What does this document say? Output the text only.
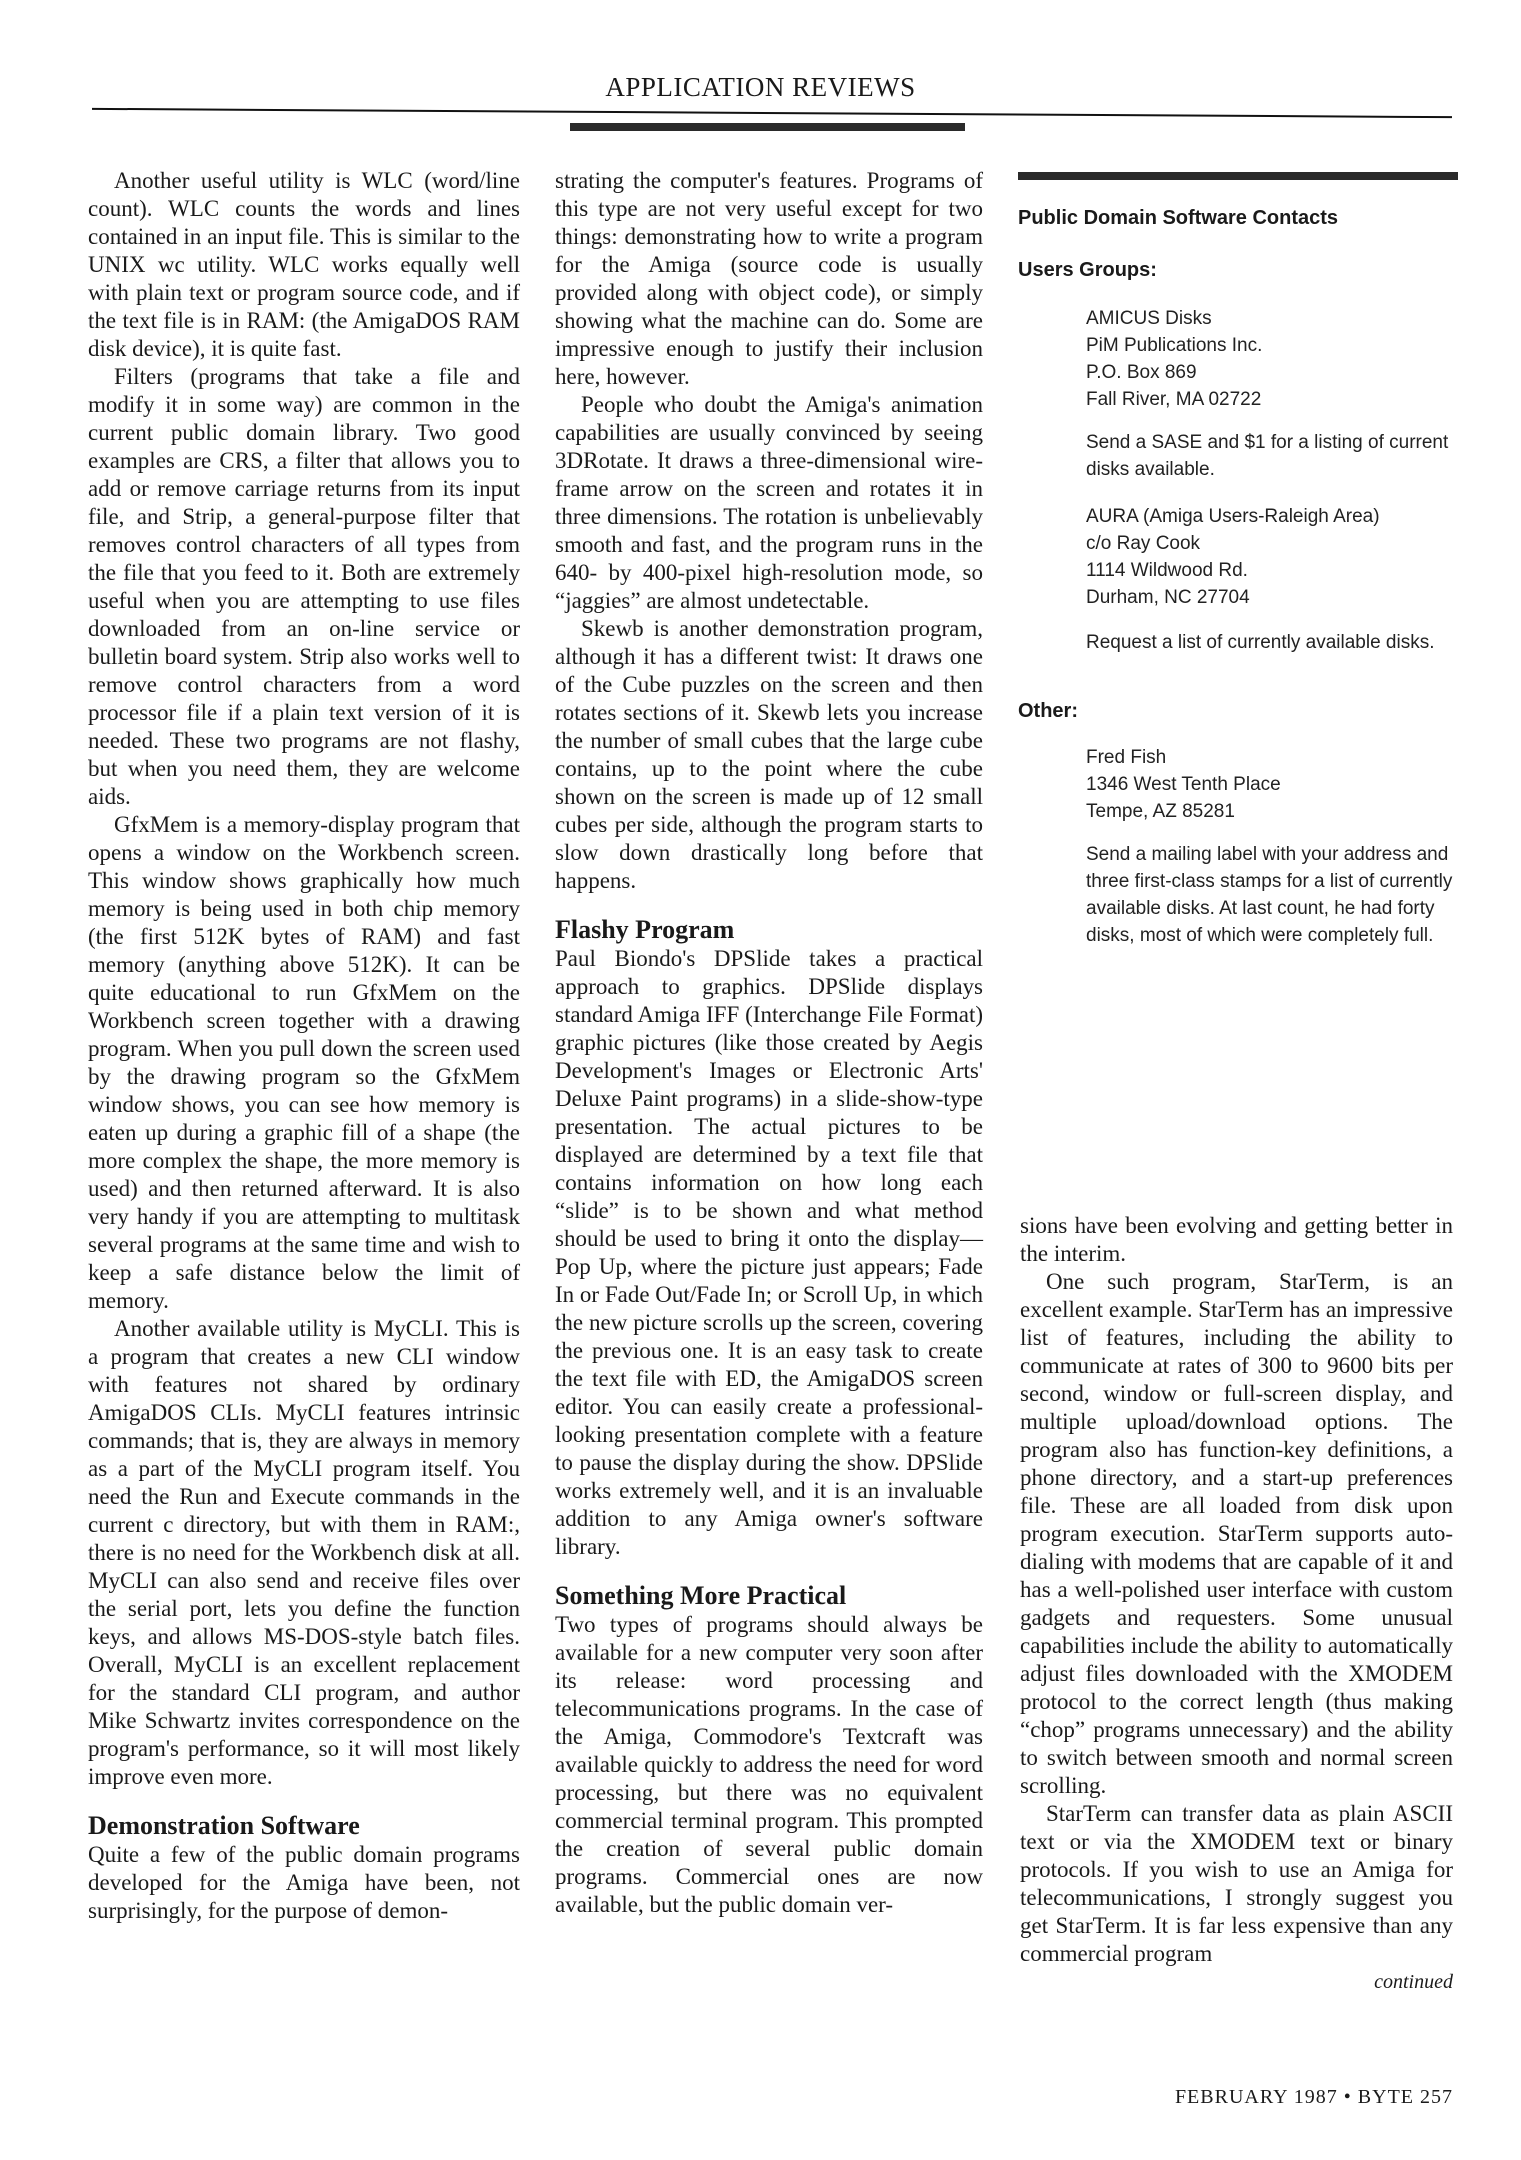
APPLICATION REVIEWS

Another useful utility is WLC (word/line count). WLC counts the words and lines contained in an input file. This is similar to the UNIX wc utility. WLC works equally well with plain text or program source code, and if the text file is in RAM: (the AmigaDOS RAM disk device), it is quite fast.

Filters (programs that take a file and modify it in some way) are common in the current public domain library. Two good examples are CRS, a filter that allows you to add or remove carriage returns from its input file, and Strip, a general-purpose filter that removes control characters of all types from the file that you feed to it. Both are extremely useful when you are attempting to use files downloaded from an on-line service or bulletin board system. Strip also works well to remove control characters from a word processor file if a plain text version of it is needed. These two programs are not flashy, but when you need them, they are welcome aids.

GfxMem is a memory-display program that opens a window on the Workbench screen. This window shows graphically how much memory is being used in both chip memory (the first 512K bytes of RAM) and fast memory (anything above 512K). It can be quite educational to run GfxMem on the Workbench screen together with a drawing program. When you pull down the screen used by the drawing program so the GfxMem window shows, you can see how memory is eaten up during a graphic fill of a shape (the more complex the shape, the more memory is used) and then returned afterward. It is also very handy if you are attempting to multitask several programs at the same time and wish to keep a safe distance below the limit of memory.

Another available utility is MyCLI. This is a program that creates a new CLI window with features not shared by ordinary AmigaDOS CLIs. MyCLI features intrinsic commands; that is, they are always in memory as a part of the MyCLI program itself. You need the Run and Execute commands in the current c directory, but with them in RAM:, there is no need for the Workbench disk at all. MyCLI can also send and receive files over the serial port, lets you define the function keys, and allows MS-DOS-style batch files. Overall, MyCLI is an excellent replacement for the standard CLI program, and author Mike Schwartz invites correspondence on the program's performance, so it will most likely improve even more.

Demonstration Software

Quite a few of the public domain programs developed for the Amiga have been, not surprisingly, for the purpose of demon-

strating the computer's features. Programs of this type are not very useful except for two things: demonstrating how to write a program for the Amiga (source code is usually provided along with object code), or simply showing what the machine can do. Some are impressive enough to justify their inclusion here, however.

People who doubt the Amiga's animation capabilities are usually convinced by seeing 3DRotate. It draws a three-dimensional wire-frame arrow on the screen and rotates it in three dimensions. The rotation is unbelievably smooth and fast, and the program runs in the 640- by 400-pixel high-resolution mode, so “jaggies” are almost undetectable.

Skewb is another demonstration program, although it has a different twist: It draws one of the Cube puzzles on the screen and then rotates sections of it. Skewb lets you increase the number of small cubes that the large cube contains, up to the point where the cube shown on the screen is made up of 12 small cubes per side, although the program starts to slow down drastically long before that happens.

Flashy Program

Paul Biondo's DPSlide takes a practical approach to graphics. DPSlide displays standard Amiga IFF (Interchange File Format) graphic pictures (like those created by Aegis Development's Images or Electronic Arts' Deluxe Paint programs) in a slide-show-type presentation. The actual pictures to be displayed are determined by a text file that contains information on how long each “slide” is to be shown and what method should be used to bring it onto the display—Pop Up, where the picture just appears; Fade In or Fade Out/Fade In; or Scroll Up, in which the new picture scrolls up the screen, covering the previous one. It is an easy task to create the text file with ED, the AmigaDOS screen editor. You can easily create a professional-looking presentation complete with a feature to pause the display during the show. DPSlide works extremely well, and it is an invaluable addition to any Amiga owner's software library.

Something More Practical

Two types of programs should always be available for a new computer very soon after its release: word processing and telecommunications programs. In the case of the Amiga, Commodore's Textcraft was available quickly to address the need for word processing, but there was no equivalent commercial terminal program. This prompted the creation of several public domain programs. Commercial ones are now available, but the public domain ver-

Public Domain Software Contacts
Users Groups:
AMICUS Disks
PiM Publications Inc.
P.O. Box 869
Fall River, MA 02722
Send a SASE and $1 for a listing of current disks available.
AURA (Amiga Users-Raleigh Area)
c/o Ray Cook
1114 Wildwood Rd.
Durham, NC 27704
Request a list of currently available disks.
Other:
Fred Fish
1346 West Tenth Place
Tempe, AZ 85281
Send a mailing label with your address and three first-class stamps for a list of currently available disks. At last count, he had forty disks, most of which were completely full.

sions have been evolving and getting better in the interim.

One such program, StarTerm, is an excellent example. StarTerm has an impressive list of features, including the ability to communicate at rates of 300 to 9600 bits per second, window or full-screen display, and multiple upload/download options. The program also has function-key definitions, a phone directory, and a start-up preferences file. These are all loaded from disk upon program execution. StarTerm supports auto-dialing with modems that are capable of it and has a well-polished user interface with custom gadgets and requesters. Some unusual capabilities include the ability to automatically adjust files downloaded with the XMODEM protocol to the correct length (thus making “chop” programs unnecessary) and the ability to switch between smooth and normal screen scrolling.

StarTerm can transfer data as plain ASCII text or via the XMODEM text or binary protocols. If you wish to use an Amiga for telecommunications, I strongly suggest you get StarTerm. It is far less expensive than any commercial program

continued
FEBRUARY 1987 • BYTE 257
